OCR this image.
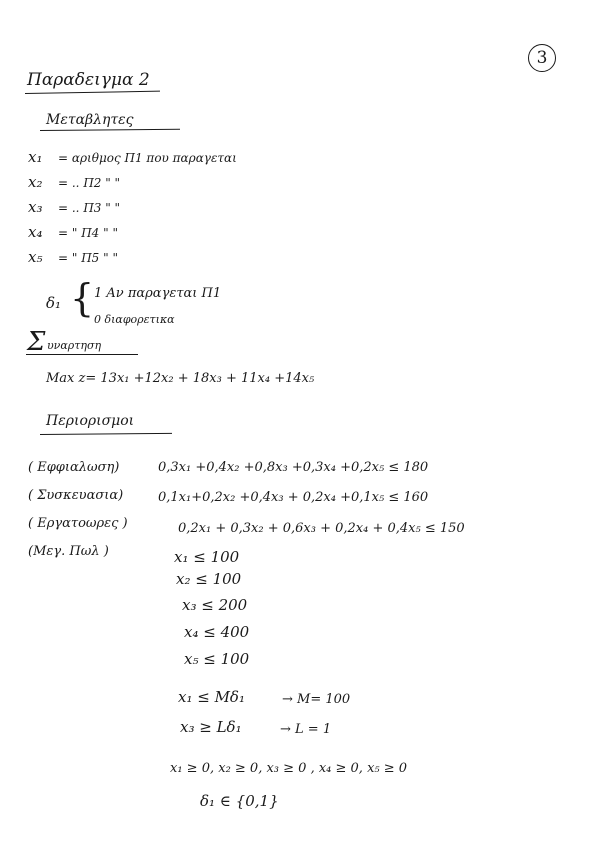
3
Παραδειγμα 2
Μεταβλητες
x₁ = αριθμος Π1 που παραγεται
x₂ = .. Π2 " "
x₃ = .. Π3 " "
x₄ = " Π4 " "
x₅ = " Π5 " "
δ₁ { 1 Αν παραγεται Π1
0 διαφορετικα
Σ υναρτηση
Max z= 13x₁ +12x₂ + 18x₃ + 11x₄ +14x₅
Περιορισμοι
( Εφφιαλωση)	0,3x₁ +0,4x₂ +0,8x₃ +0,3x₄ +0,2x₅ ≤ 180
( Συσκευασια)	0,1x₁+0,2x₂ +0,4x₃ + 0,2x₄ +0,1x₅ ≤ 160
( Εργατοωρες )	0,2x₁ + 0,3x₂ + 0,6x₃ + 0,2x₄ + 0,4x₅ ≤ 150
(Μεγ. Πωλ )	x₁ ≤ 100
x₂ ≤ 100
x₃ ≤ 200
x₄ ≤ 400
x₅ ≤ 100
x₁ ≤ Mδ₁	→ M= 100
x₃ ≥ Lδ₁	→ L = 1
x₁ ≥ 0, x₂ ≥ 0, x₃ ≥ 0 , x₄ ≥ 0, x₅ ≥ 0
δ₁ ∈ {0,1}
